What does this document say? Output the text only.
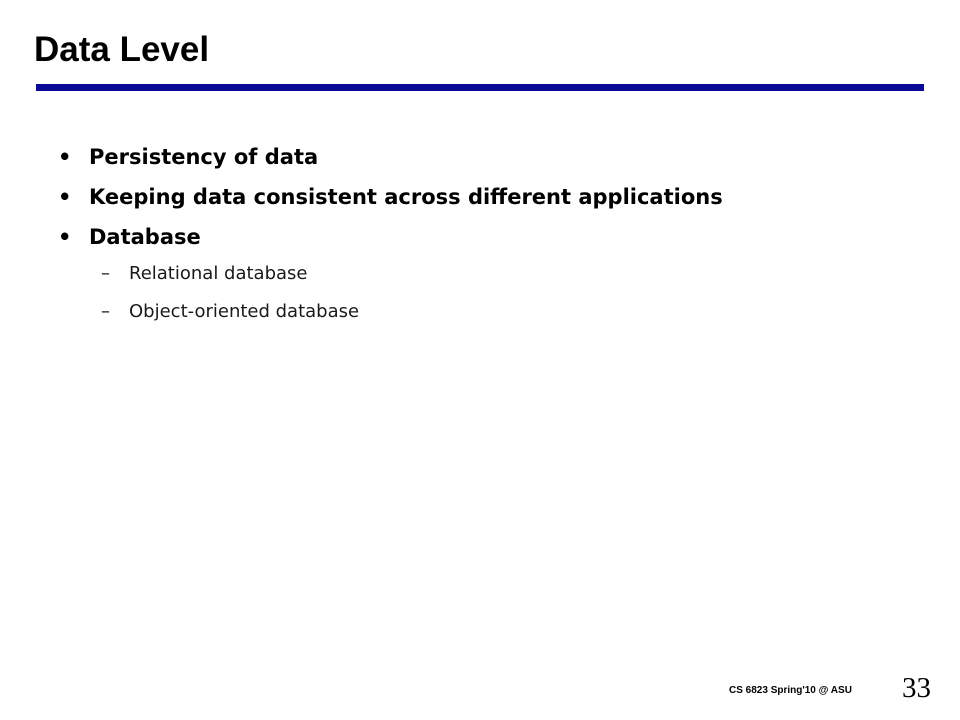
Data Level
• Persistency of data
• Keeping data consistent across different applications
• Database
– Relational database
– Object-oriented database
CS 6823 Spring'10 @ ASU 33
